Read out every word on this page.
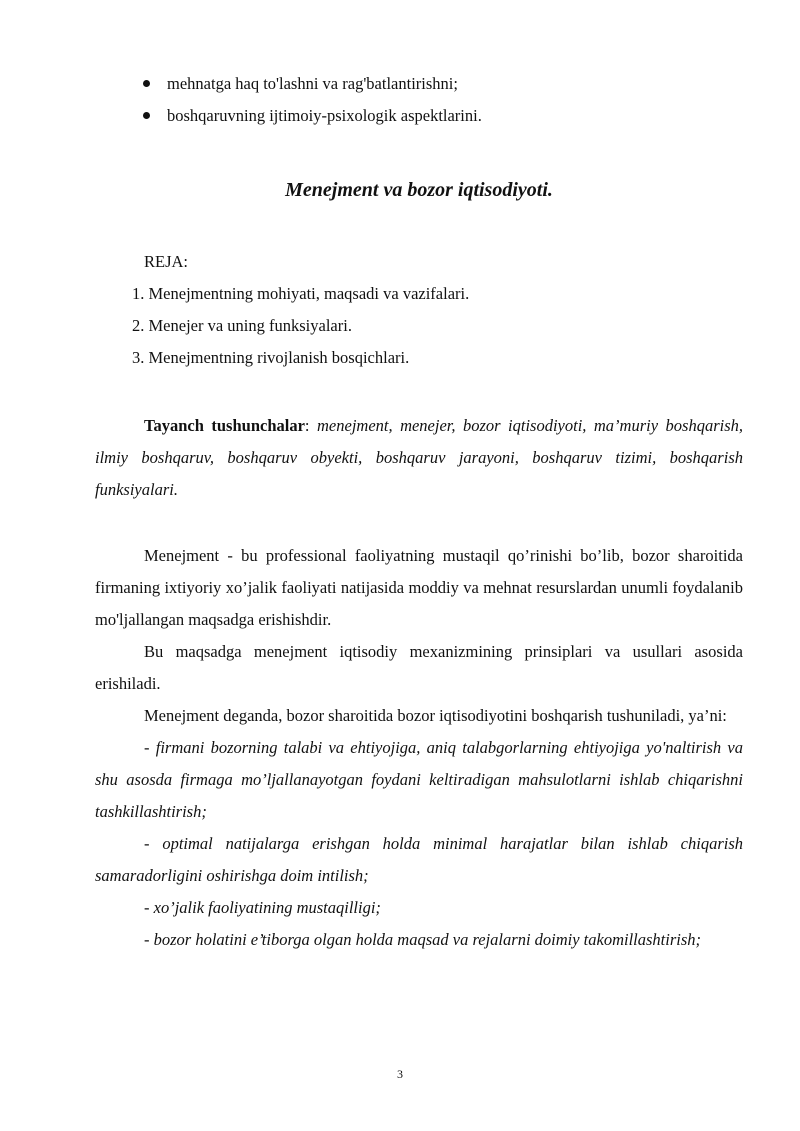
mehnatga haq to'lashni va rag'batlantirishni;
boshqaruvning ijtimoiy-psixologik aspektlarini.
Menejment va bozor iqtisodiyoti.
REJA:
1. Menejmentning mohiyati, maqsadi va vazifalari.
2. Menejer va uning funksiyalari.
3. Menejmentning rivojlanish bosqichlari.

Tayanch tushunchalar: menejment, menejer, bozor iqtisodiyoti, ma’muriy boshqarish, ilmiy boshqaruv, boshqaruv obyekti, boshqaruv jarayoni, boshqaruv tizimi, boshqarish funksiyalari.

Menejment - bu professional faoliyatning mustaqil qo’rinishi bo’lib, bozor sharoitida firmaning ixtiyoriy xo’jalik faoliyati natijasida moddiy va mehnat resurslardan unumli foydalanib mo'ljallangan maqsadga erishishdir.

Bu maqsadga menejment iqtisodiy mexanizmining prinsiplari va usullari asosida erishiladi.

Menejment deganda, bozor sharoitida bozor iqtisodiyotini boshqarish tushuniladi, ya’ni:

- firmani bozorning talabi va ehtiyojiga, aniq talabgorlarning ehtiyojiga yo'naltirish va shu asosda firmaga mo’ljallanayotgan foydani keltiradigan mahsulotlarni ishlab chiqarishni tashkillashtirish;

- optimal natijalarga erishgan holda minimal harajatlar bilan ishlab chiqarish samaradorligini oshirishga doim intilish;

- xo’jalik faoliyatining mustaqilligi;

- bozor holatini e’tiborga olgan holda maqsad va rejalarni doimiy takomillashtirish;

3
